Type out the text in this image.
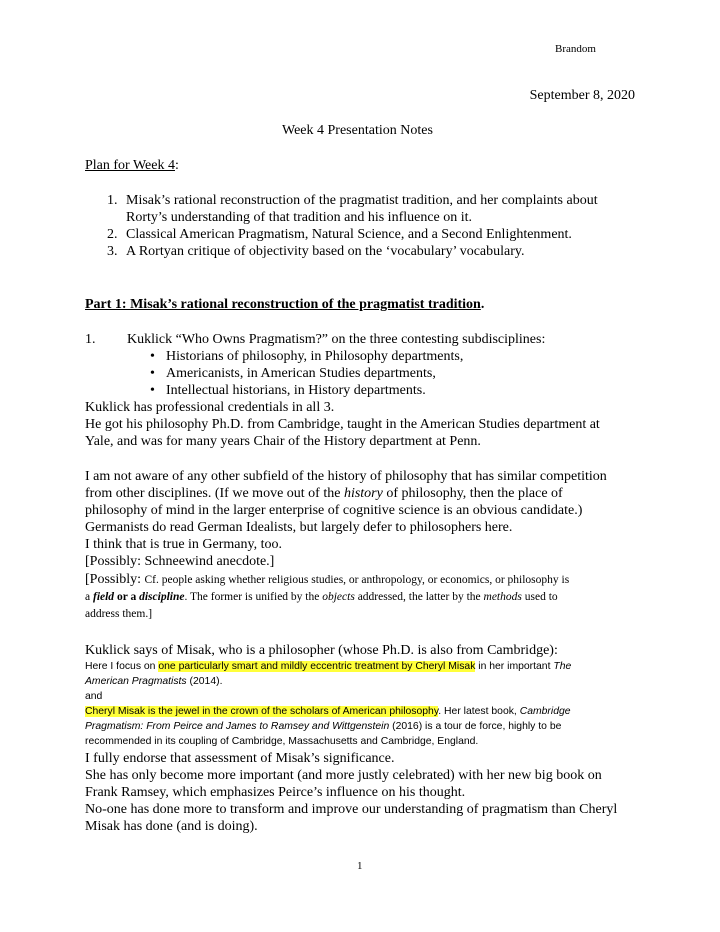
Brandom
September 8, 2020
Week 4 Presentation Notes
Plan for Week 4:
1. Misak’s rational reconstruction of the pragmatist tradition, and her complaints about
Rorty’s understanding of that tradition and his influence on it.
2. Classical American Pragmatism, Natural Science, and a Second Enlightenment.
3. A Rortyan critique of objectivity based on the ‘vocabulary’ vocabulary.
Part 1: Misak’s rational reconstruction of the pragmatist tradition.
1. Kuklick “Who Owns Pragmatism?” on the three contesting subdisciplines:
• Historians of philosophy, in Philosophy departments,
• Americanists, in American Studies departments,
• Intellectual historians, in History departments.
Kuklick has professional credentials in all 3.
He got his philosophy Ph.D. from Cambridge, taught in the American Studies department at
Yale, and was for many years Chair of the History department at Penn.
I am not aware of any other subfield of the history of philosophy that has similar competition
from other disciplines. (If we move out of the history of philosophy, then the place of
philosophy of mind in the larger enterprise of cognitive science is an obvious candidate.)
Germanists do read German Idealists, but largely defer to philosophers here.
I think that is true in Germany, too.
[Possibly: Schneewind anecdote.]
[Possibly: Cf. people asking whether religious studies, or anthropology, or economics, or philosophy is
a field or a discipline. The former is unified by the objects addressed, the latter by the methods used to
address them.]
Kuklick says of Misak, who is a philosopher (whose Ph.D. is also from Cambridge):
Here I focus on one particularly smart and mildly eccentric treatment by Cheryl Misak in her important The
American Pragmatists (2014).
and
Cheryl Misak is the jewel in the crown of the scholars of American philosophy. Her latest book, Cambridge
Pragmatism: From Peirce and James to Ramsey and Wittgenstein (2016) is a tour de force, highly to be
recommended in its coupling of Cambridge, Massachusetts and Cambridge, England.
I fully endorse that assessment of Misak’s significance.
She has only become more important (and more justly celebrated) with her new big book on
Frank Ramsey, which emphasizes Peirce’s influence on his thought.
No-one has done more to transform and improve our understanding of pragmatism than Cheryl
Misak has done (and is doing).
1
